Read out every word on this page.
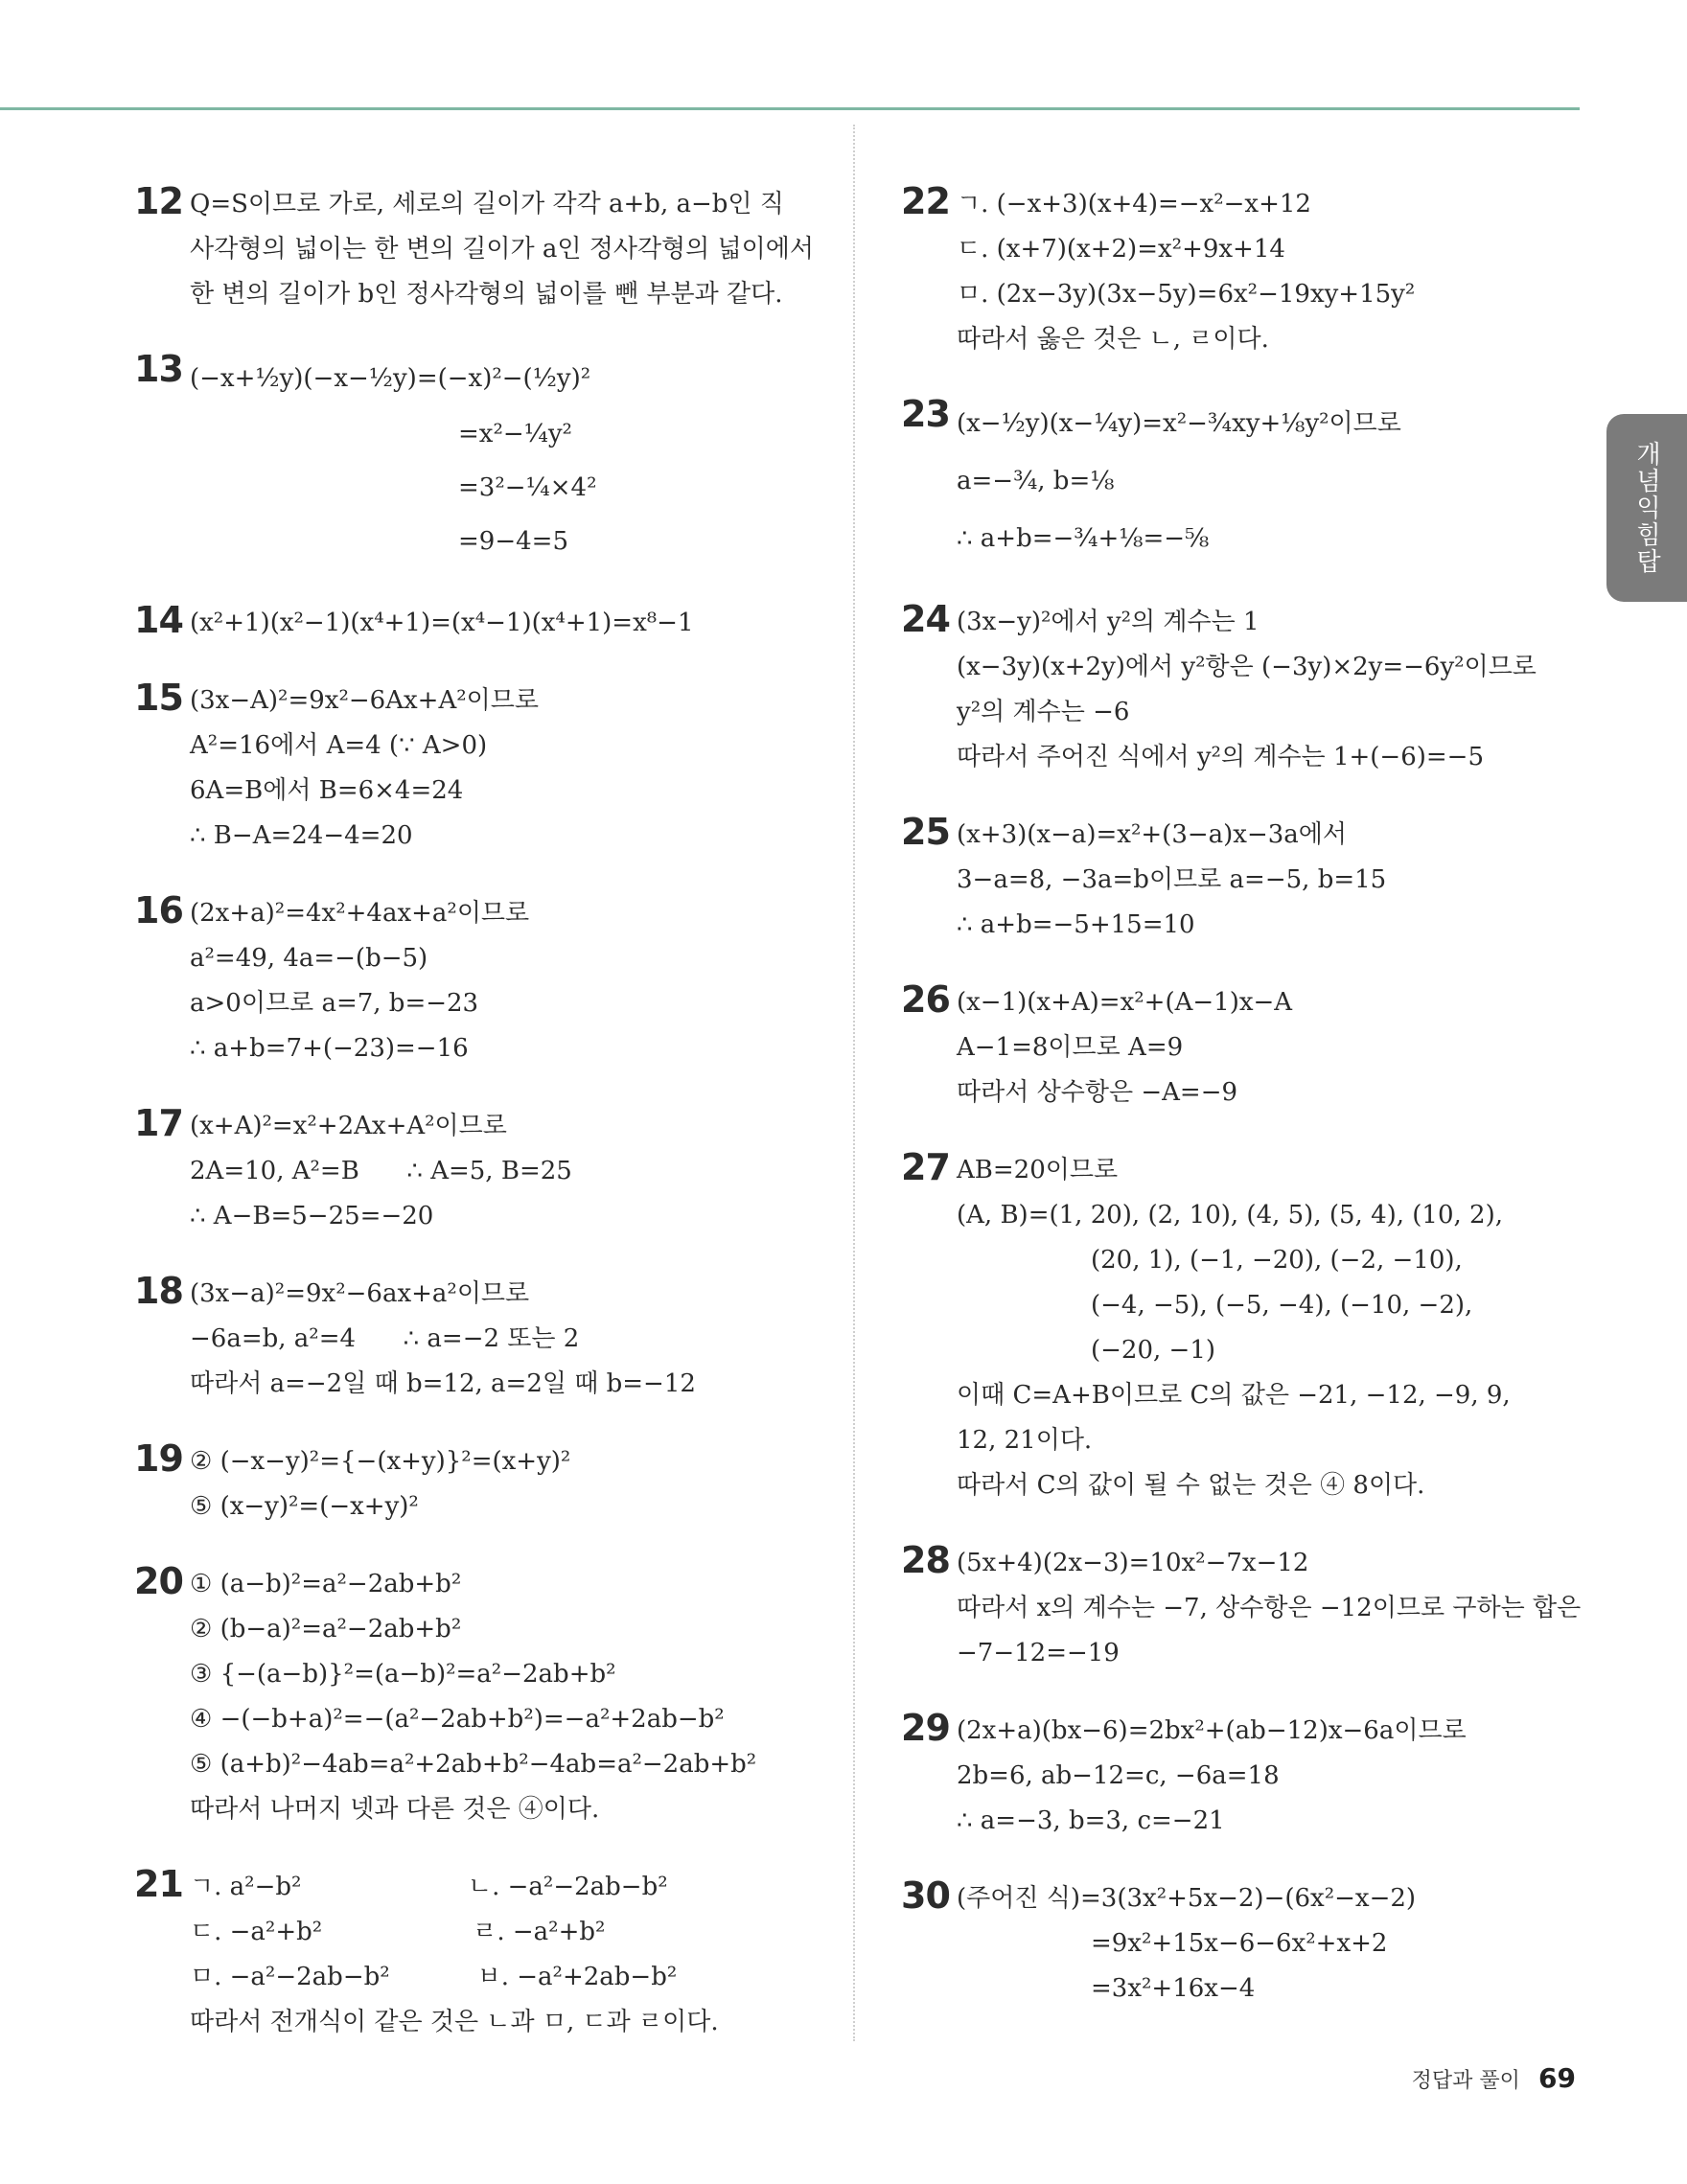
12 Q=S이므로 가로, 세로의 길이가 각각 a+b, a−b인 직
사각형의 넓이는 한 변의 길이가 a인 정사각형의 넓이에서
한 변의 길이가 b인 정사각형의 넓이를 뺀 부분과 같다.
13 (−x+½y)(−x−½y)=(−x)²−(½y)²
=x²−¼y²
=3²−¼×4²
=9−4=5
14 (x²+1)(x²−1)(x⁴+1)=(x⁴−1)(x⁴+1)=x⁸−1
15 (3x−A)²=9x²−6Ax+A²이므로
A²=16에서 A=4 (∵ A>0)
6A=B에서 B=6×4=24
∴ B−A=24−4=20
16 (2x+a)²=4x²+4ax+a²이므로
a²=49, 4a=−(b−5)
a>0이므로 a=7, b=−23
∴ a+b=7+(−23)=−16
17 (x+A)²=x²+2Ax+A²이므로
2A=10, A²=B      ∴ A=5, B=25
∴ A−B=5−25=−20
18 (3x−a)²=9x²−6ax+a²이므로
−6a=b, a²=4      ∴ a=−2 또는 2
따라서 a=−2일 때 b=12, a=2일 때 b=−12
19 ② (−x−y)²={−(x+y)}²=(x+y)²
⑤ (x−y)²=(−x+y)²
20 ① (a−b)²=a²−2ab+b²
② (b−a)²=a²−2ab+b²
③ {−(a−b)}²=(a−b)²=a²−2ab+b²
④ −(−b+a)²=−(a²−2ab+b²)=−a²+2ab−b²
⑤ (a+b)²−4ab=a²+2ab+b²−4ab=a²−2ab+b²
따라서 나머지 넷과 다른 것은 ④이다.
21 ㄱ. a²−b²                     ㄴ. −a²−2ab−b²
ㄷ. −a²+b²                   ㄹ. −a²+b²
ㅁ. −a²−2ab−b²           ㅂ. −a²+2ab−b²
따라서 전개식이 같은 것은 ㄴ과 ㅁ, ㄷ과 ㄹ이다.
22 ㄱ. (−x+3)(x+4)=−x²−x+12
ㄷ. (x+7)(x+2)=x²+9x+14
ㅁ. (2x−3y)(3x−5y)=6x²−19xy+15y²
따라서 옳은 것은 ㄴ, ㄹ이다.
23 (x−½y)(x−¼y)=x²−¾xy+⅛y²이므로
a=−¾, b=⅛
∴ a+b=−¾+⅛=−⅝
24 (3x−y)²에서 y²의 계수는 1
(x−3y)(x+2y)에서 y²항은 (−3y)×2y=−6y²이므로
y²의 계수는 −6
따라서 주어진 식에서 y²의 계수는 1+(−6)=−5
25 (x+3)(x−a)=x²+(3−a)x−3a에서
3−a=8, −3a=b이므로 a=−5, b=15
∴ a+b=−5+15=10
26 (x−1)(x+A)=x²+(A−1)x−A
A−1=8이므로 A=9
따라서 상수항은 −A=−9
27 AB=20이므로
(A, B)=(1, 20), (2, 10), (4, 5), (5, 4), (10, 2),
(20, 1), (−1, −20), (−2, −10),
(−4, −5), (−5, −4), (−10, −2),
(−20, −1)
이때 C=A+B이므로 C의 값은 −21, −12, −9, 9,
12, 21이다.
따라서 C의 값이 될 수 없는 것은 ④ 8이다.
28 (5x+4)(2x−3)=10x²−7x−12
따라서 x의 계수는 −7, 상수항은 −12이므로 구하는 합은
−7−12=−19
29 (2x+a)(bx−6)=2bx²+(ab−12)x−6a이므로
2b=6, ab−12=c, −6a=18
∴ a=−3, b=3, c=−21
30 (주어진 식)=3(3x²+5x−2)−(6x²−x−2)
=9x²+15x−6−6x²+x+2
=3x²+16x−4
개념익힘탑
정답과 풀이 69
